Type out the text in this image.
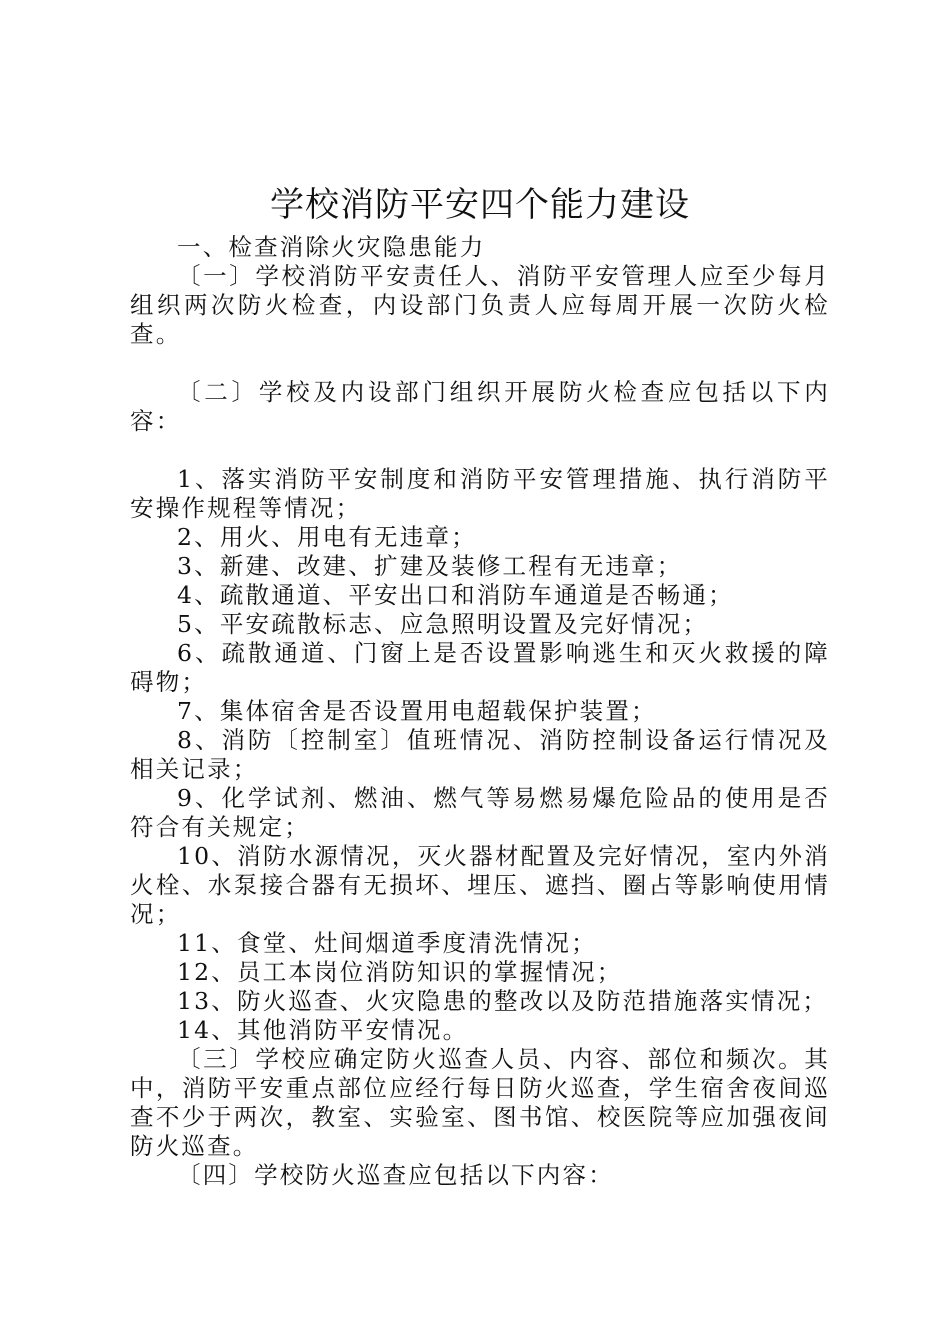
学校消防平安四个能力建设

一、检查消除火灾隐患能力

〔一〕学校消防平安责任人、消防平安管理人应至少每月组织两次防火检查，内设部门负责人应每周开展一次防火检查。

〔二〕学校及内设部门组织开展防火检查应包括以下内容：

1、落实消防平安制度和消防平安管理措施、执行消防平安操作规程等情况；

2、用火、用电有无违章；

3、新建、改建、扩建及装修工程有无违章；

4、疏散通道、平安出口和消防车通道是否畅通；

5、平安疏散标志、应急照明设置及完好情况；

6、疏散通道、门窗上是否设置影响逃生和灭火救援的障碍物；

7、集体宿舍是否设置用电超载保护装置；

8、消防〔控制室〕值班情况、消防控制设备运行情况及相关记录；

9、化学试剂、燃油、燃气等易燃易爆危险品的使用是否符合有关规定；

10、消防水源情况，灭火器材配置及完好情况，室内外消火栓、水泵接合器有无损坏、埋压、遮挡、圈占等影响使用情况；

11、食堂、灶间烟道季度清洗情况；

12、员工本岗位消防知识的掌握情况；

13、防火巡查、火灾隐患的整改以及防范措施落实情况；

14、其他消防平安情况。

〔三〕学校应确定防火巡查人员、内容、部位和频次。其中，消防平安重点部位应经行每日防火巡查，学生宿舍夜间巡查不少于两次，教室、实验室、图书馆、校医院等应加强夜间防火巡查。

〔四〕学校防火巡查应包括以下内容：
